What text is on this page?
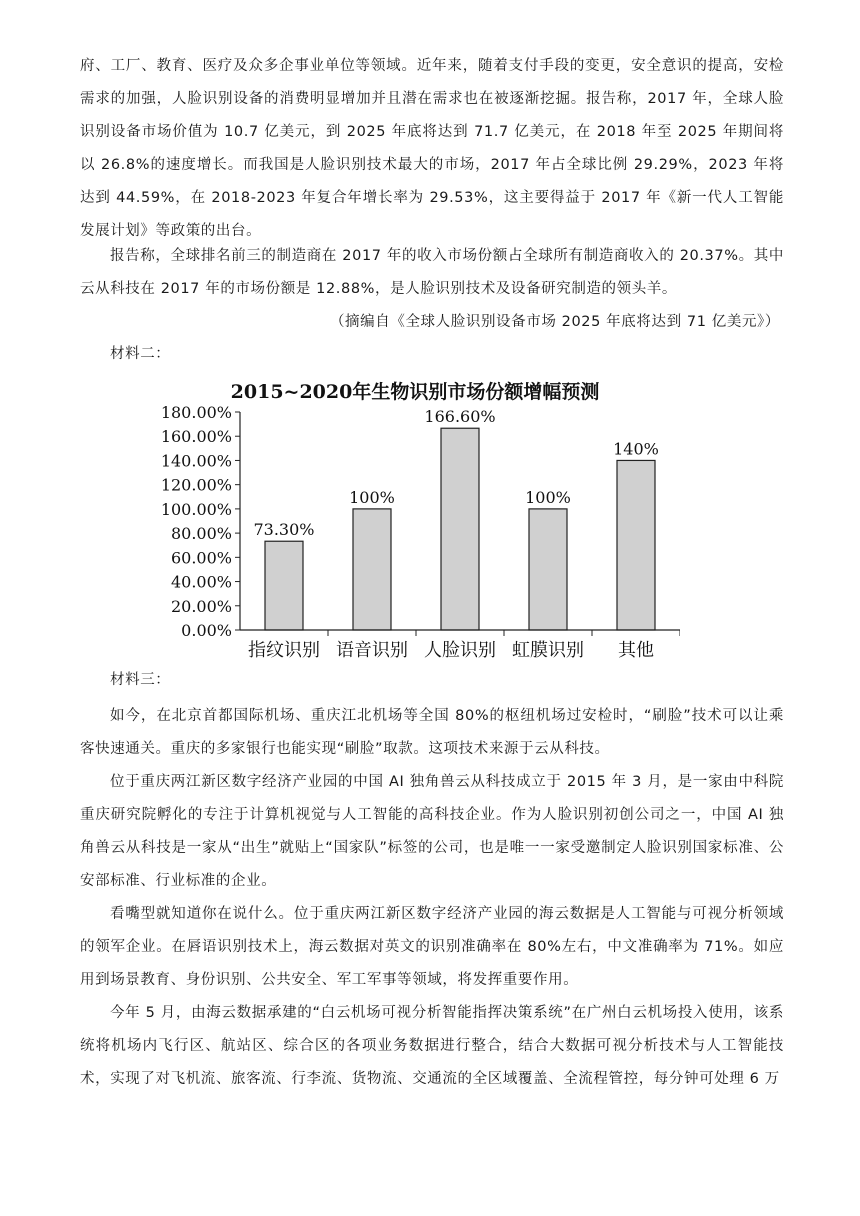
府、工厂、教育、医疗及众多企事业单位等领域。近年来，随着支付手段的变更，安全意识的提高，安检需求的加强，人脸识别设备的消费明显增加并且潜在需求也在被逐渐挖掘。报告称，2017 年，全球人脸识别设备市场价值为 10.7 亿美元，到 2025 年底将达到 71.7 亿美元，在 2018 年至 2025 年期间将以 26.8%的速度增长。而我国是人脸识别技术最大的市场，2017 年占全球比例 29.29%，2023 年将达到 44.59%，在 2018-2023 年复合年增长率为 29.53%，这主要得益于 2017 年《新一代人工智能发展计划》等政策的出台。

报告称，全球排名前三的制造商在 2017 年的收入市场份额占全球所有制造商收入的 20.37%。其中云从科技在 2017 年的市场份额是 12.88%，是人脸识别技术及设备研究制造的领头羊。

（摘编自《全球人脸识别设备市场 2025 年底将达到 71 亿美元》）

材料二：

2015~2020年生物识别市场份额增幅预测
0.00%
20.00%
40.00%
60.00%
80.00%
100.00%
120.00%
140.00%
160.00%
180.00%
73.30%
100%
166.60%
100%
140%
指纹识别 语音识别 人脸识别 虹膜识别 其他

材料三：

如今，在北京首都国际机场、重庆江北机场等全国 80%的枢纽机场过安检时，“刷脸”技术可以让乘客快速通关。重庆的多家银行也能实现“刷脸”取款。这项技术来源于云从科技。

位于重庆两江新区数字经济产业园的中国 AI 独角兽云从科技成立于 2015 年 3 月，是一家由中科院重庆研究院孵化的专注于计算机视觉与人工智能的高科技企业。作为人脸识别初创公司之一，中国 AI 独角兽云从科技是一家从“出生”就贴上“国家队”标签的公司，也是唯一一家受邀制定人脸识别国家标准、公安部标准、行业标准的企业。

看嘴型就知道你在说什么。位于重庆两江新区数字经济产业园的海云数据是人工智能与可视分析领域的领军企业。在唇语识别技术上，海云数据对英文的识别准确率在 80%左右，中文准确率为 71%。如应用到场景教育、身份识别、公共安全、军工军事等领域，将发挥重要作用。

今年 5 月，由海云数据承建的“白云机场可视分析智能指挥决策系统”在广州白云机场投入使用，该系统将机场内飞行区、航站区、综合区的各项业务数据进行整合，结合大数据可视分析技术与人工智能技术，实现了对飞机流、旅客流、行李流、货物流、交通流的全区域覆盖、全流程管控，每分钟可处理 6 万
